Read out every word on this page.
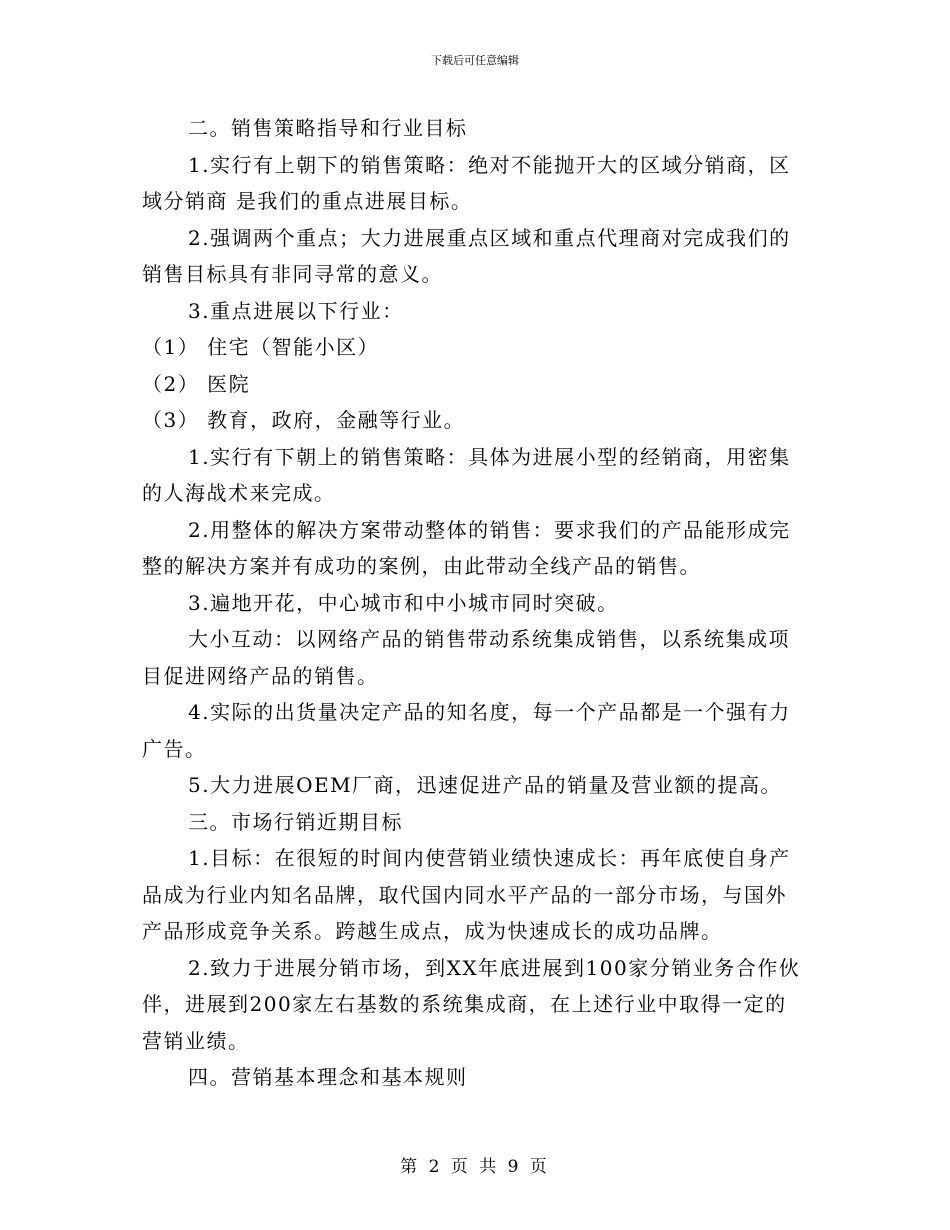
下载后可任意编辑

二。销售策略指导和行业目标

1.实行有上朝下的销售策略：绝对不能抛开大的区域分销商，区域分销商 是我们的重点进展目标。

2.强调两个重点；大力进展重点区域和重点代理商对完成我们的销售目标具有非同寻常的意义。

3.重点进展以下行业：

（1） 住宅（智能小区）

（2） 医院

（3） 教育，政府，金融等行业。

1.实行有下朝上的销售策略：具体为进展小型的经销商，用密集的人海战术来完成。

2.用整体的解决方案带动整体的销售：要求我们的产品能形成完整的解决方案并有成功的案例，由此带动全线产品的销售。

3.遍地开花，中心城市和中小城市同时突破。

大小互动：以网络产品的销售带动系统集成销售，以系统集成项目促进网络产品的销售。

4.实际的出货量决定产品的知名度，每一个产品都是一个强有力广告。

5.大力进展OEM厂商，迅速促进产品的销量及营业额的提高。

三。市场行销近期目标

1.目标：在很短的时间内使营销业绩快速成长：再年底使自身产品成为行业内知名品牌，取代国内同水平产品的一部分市场，与国外产品形成竞争关系。跨越生成点，成为快速成长的成功品牌。

2.致力于进展分销市场，到XX年底进展到100家分销业务合作伙伴，进展到200家左右基数的系统集成商，在上述行业中取得一定的营销业绩。

四。营销基本理念和基本规则

第 2 页 共 9 页
